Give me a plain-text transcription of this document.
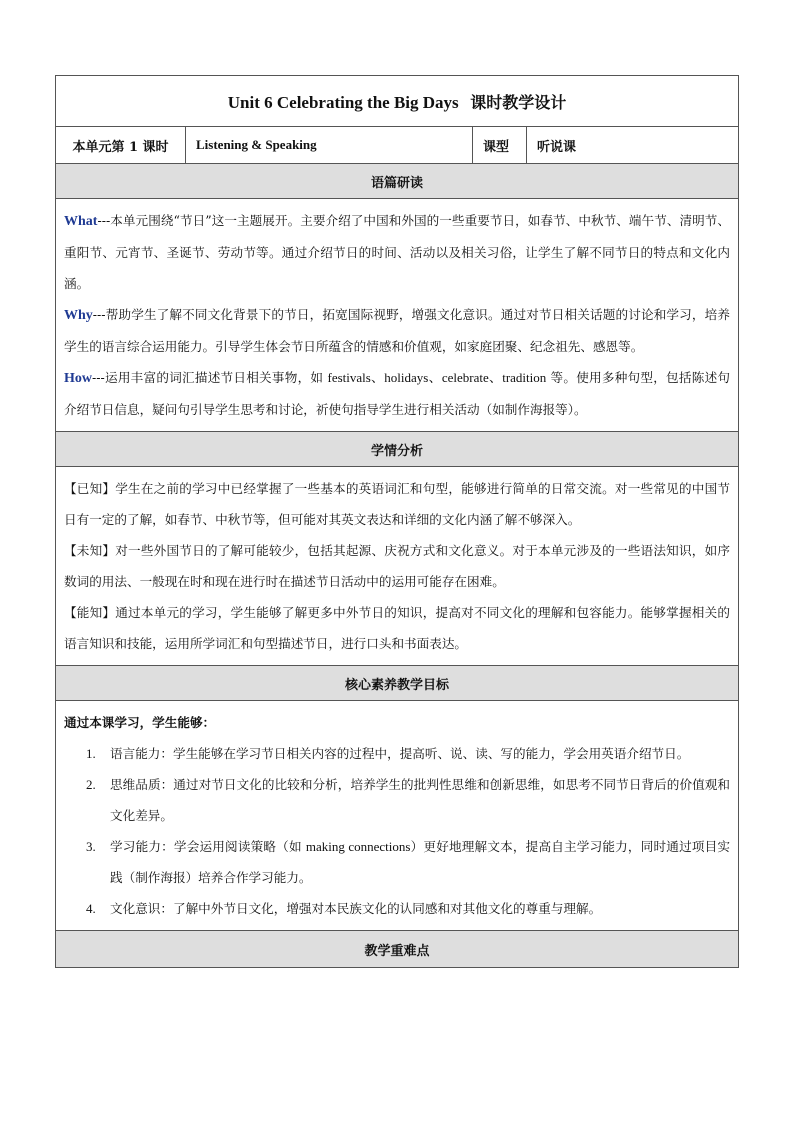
Unit 6 Celebrating the Big Days 课时教学设计
本单元第 1 课时	Listening & Speaking	课型	听说课
语篇研读

What---本单元围绕“节日”这一主题展开。主要介绍了中国和外国的一些重要节日，如春节、中秋节、端午节、清明节、重阳节、元宵节、圣诞节、劳动节等。通过介绍节日的时间、活动以及相关习俗，让学生了解不同节日的特点和文化内涵。

Why---帮助学生了解不同文化背景下的节日，拓宽国际视野，增强文化意识。通过对节日相关话题的讨论和学习，培养学生的语言综合运用能力。引导学生体会节日所蕴含的情感和价值观，如家庭团聚、纪念祖先、感恩等。

How---运用丰富的词汇描述节日相关事物，如 festivals、holidays、celebrate、tradition 等。使用多种句型，包括陈述句介绍节日信息，疑问句引导学生思考和讨论，祈使句指导学生进行相关活动（如制作海报等）。

学情分析

【已知】学生在之前的学习中已经掌握了一些基本的英语词汇和句型，能够进行简单的日常交流。对一些常见的中国节日有一定的了解，如春节、中秋节等，但可能对其英文表达和详细的文化内涵了解不够深入。

【未知】对一些外国节日的了解可能较少，包括其起源、庆祝方式和文化意义。对于本单元涉及的一些语法知识，如序数词的用法、一般现在时和现在进行时在描述节日活动中的运用可能存在困难。

【能知】通过本单元的学习，学生能够了解更多中外节日的知识，提高对不同文化的理解和包容能力。能够掌握相关的语言知识和技能，运用所学词汇和句型描述节日，进行口头和书面表达。

核心素养教学目标

通过本课学习，学生能够：

1. 语言能力：学生能够在学习节日相关内容的过程中，提高听、说、读、写的能力，学会用英语介绍节日。
2. 思维品质：通过对节日文化的比较和分析，培养学生的批判性思维和创新思维，如思考不同节日背后的价值观和文化差异。
3. 学习能力：学会运用阅读策略（如 making connections）更好地理解文本，提高自主学习能力，同时通过项目实践（制作海报）培养合作学习能力。
4. 文化意识：了解中外节日文化，增强对本民族文化的认同感和对其他文化的尊重与理解。

教学重难点
